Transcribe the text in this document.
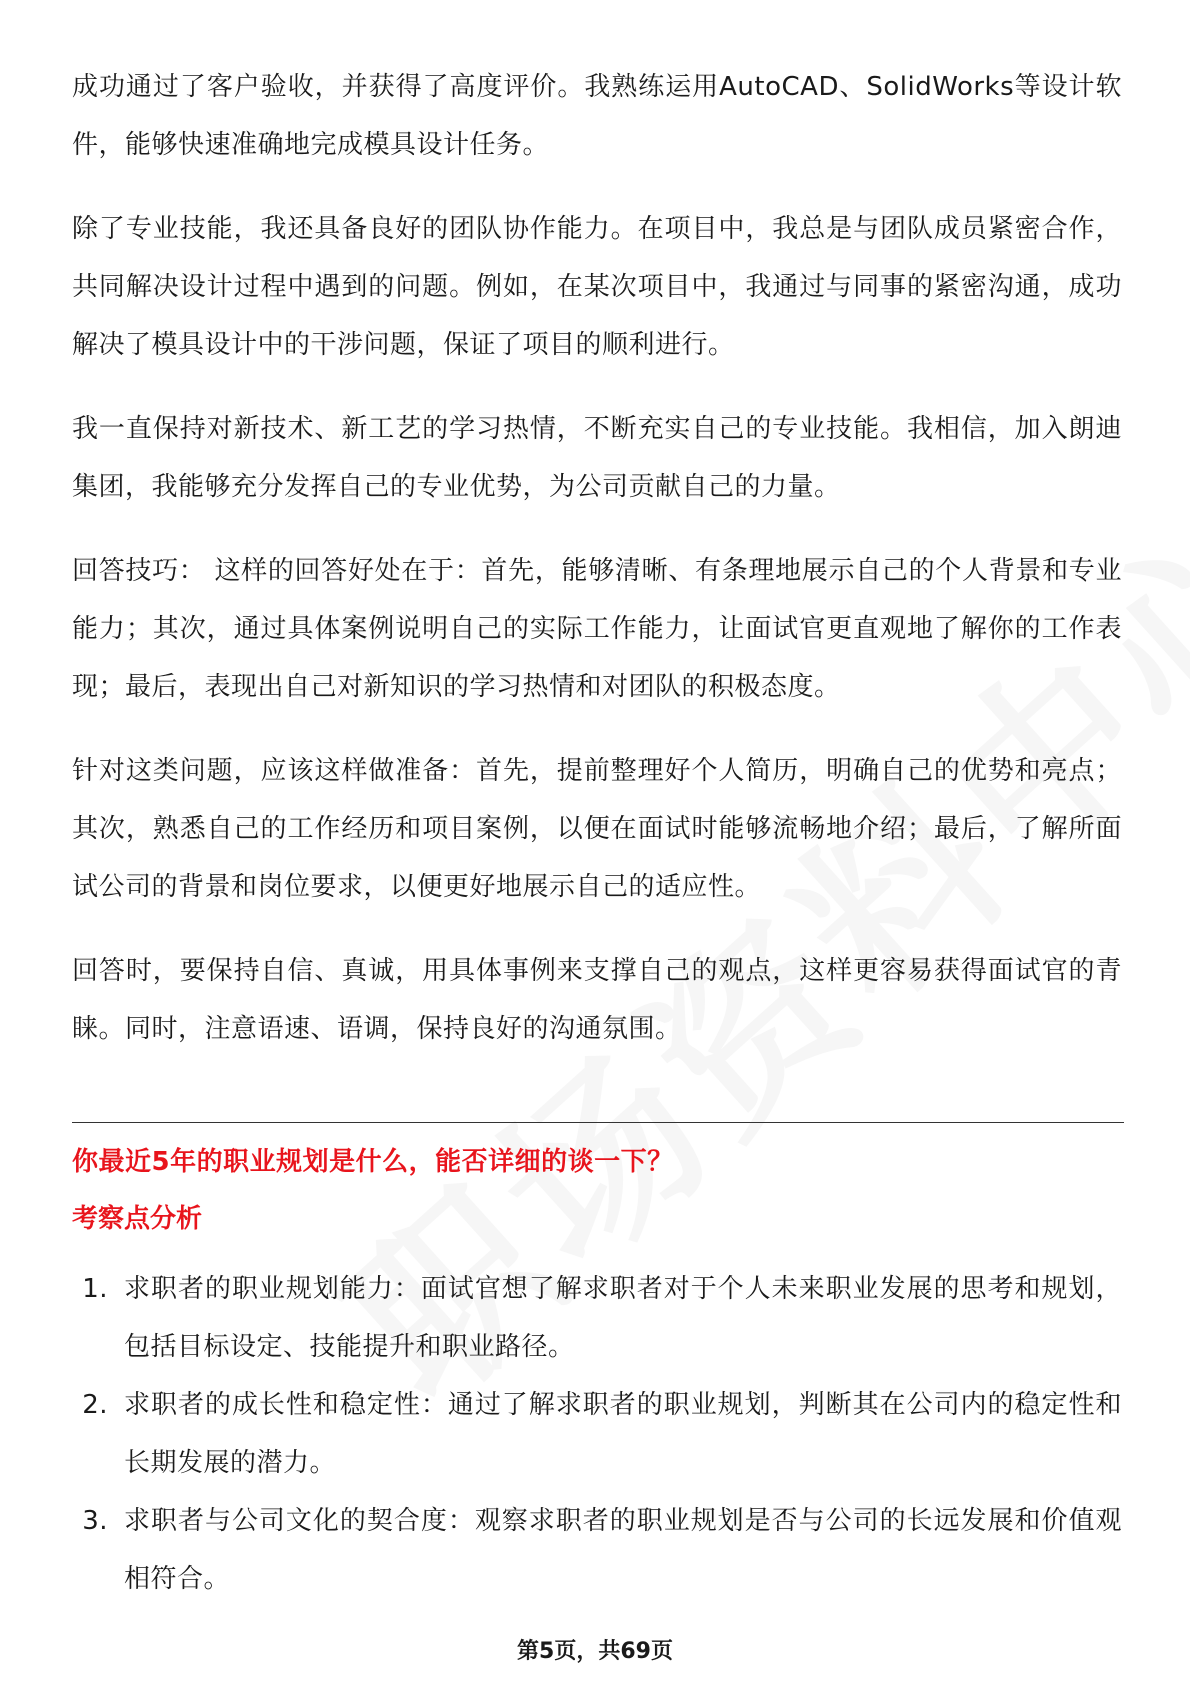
成功通过了客户验收，并获得了高度评价。我熟练运用AutoCAD、SolidWorks等设计软件，能够快速准确地完成模具设计任务。

除了专业技能，我还具备良好的团队协作能力。在项目中，我总是与团队成员紧密合作，共同解决设计过程中遇到的问题。例如，在某次项目中，我通过与同事的紧密沟通，成功解决了模具设计中的干涉问题，保证了项目的顺利进行。

我一直保持对新技术、新工艺的学习热情，不断充实自己的专业技能。我相信，加入朗迪集团，我能够充分发挥自己的专业优势，为公司贡献自己的力量。

回答技巧： 这样的回答好处在于：首先，能够清晰、有条理地展示自己的个人背景和专业能力；其次，通过具体案例说明自己的实际工作能力，让面试官更直观地了解你的工作表现；最后，表现出自己对新知识的学习热情和对团队的积极态度。

针对这类问题，应该这样做准备：首先，提前整理好个人简历，明确自己的优势和亮点；其次，熟悉自己的工作经历和项目案例，以便在面试时能够流畅地介绍；最后，了解所面试公司的背景和岗位要求，以便更好地展示自己的适应性。

回答时，要保持自信、真诚，用具体事例来支撑自己的观点，这样更容易获得面试官的青睐。同时，注意语速、语调，保持良好的沟通氛围。

你最近5年的职业规划是什么，能否详细的谈一下？
考察点分析
1. 求职者的职业规划能力：面试官想了解求职者对于个人未来职业发展的思考和规划，包括目标设定、技能提升和职业路径。
2. 求职者的成长性和稳定性：通过了解求职者的职业规划，判断其在公司内的稳定性和长期发展的潜力。
3. 求职者与公司文化的契合度：观察求职者的职业规划是否与公司的长远发展和价值观相符合。
第5页，共69页
